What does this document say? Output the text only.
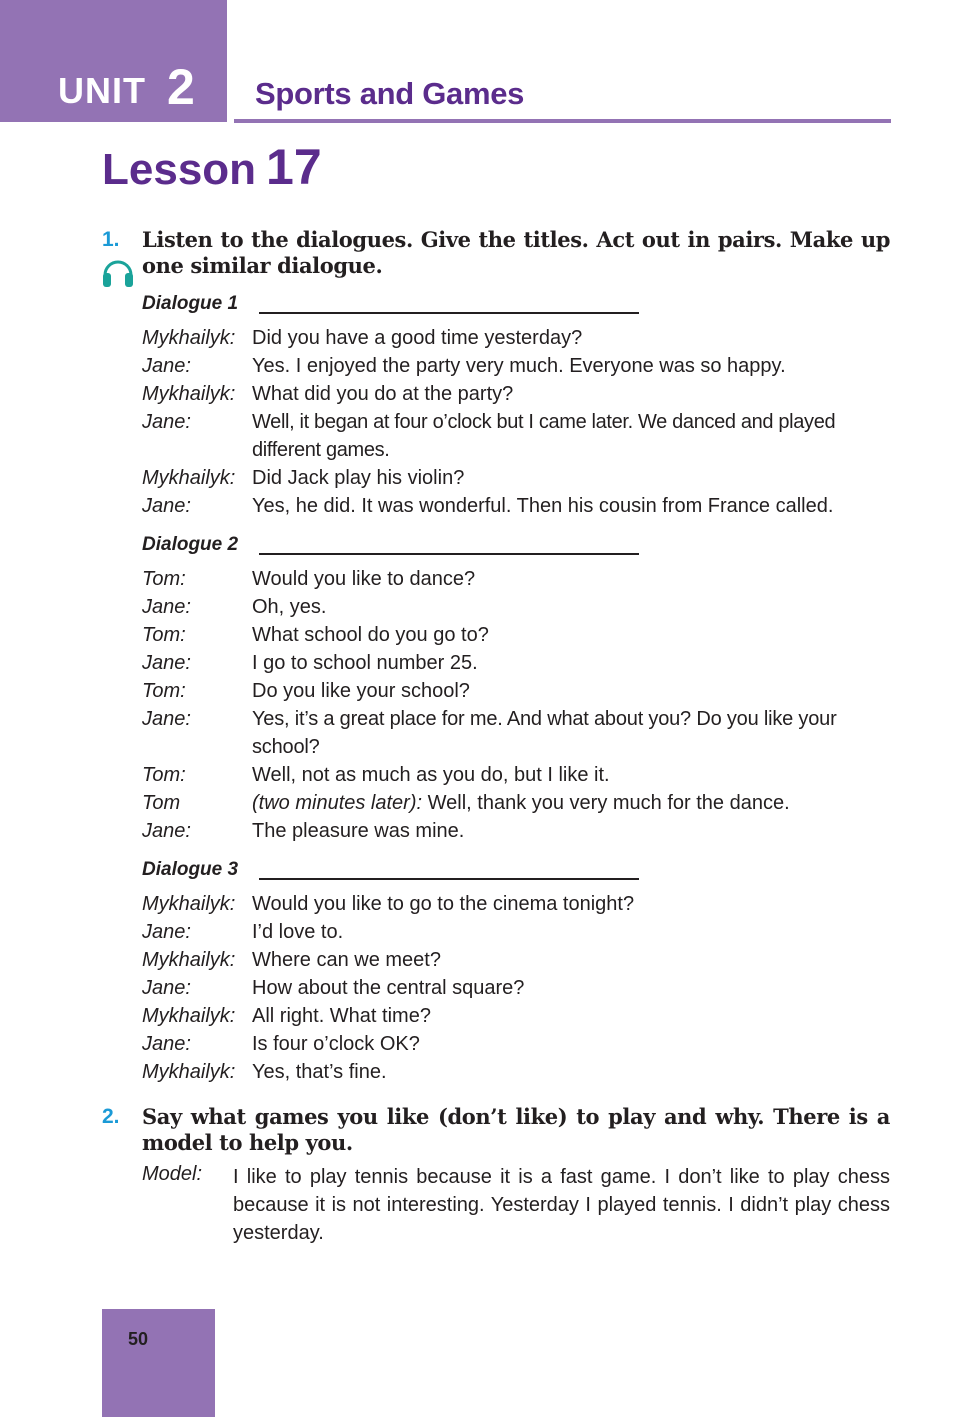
UNIT 2 Sports and Games
Lesson 17
1. Listen to the dialogues. Give the titles. Act out in pairs. Make up one similar dialogue.
Dialogue 1
Mykhailyk: Did you have a good time yesterday?
Jane:	Yes. I enjoyed the party very much. Everyone was so happy.
Mykhailyk: What did you do at the party?
Jane:	Well, it began at four o’clock but I came later. We danced and played different games.
Mykhailyk: Did Jack play his violin?
Jane:	Yes, he did. It was wonderful. Then his cousin from France called.
Dialogue 2
Tom:	Would you like to dance?
Jane:	Oh, yes.
Tom:	What school do you go to?
Jane:	I go to school number 25.
Tom:	Do you like your school?
Jane:	Yes, it’s a great place for me. And what about you? Do you like your school?
Tom:	Well, not as much as you do, but I like it.
Tom	(two minutes later): Well, thank you very much for the dance.
Jane:	The pleasure was mine.
Dialogue 3
Mykhailyk: Would you like to go to the cinema tonight?
Jane:	I’d love to.
Mykhailyk: Where can we meet?
Jane:	How about the central square?
Mykhailyk: All right. What time?
Jane:	Is four o’clock OK?
Mykhailyk: Yes, that’s fine.
2. Say what games you like (don’t like) to play and why. There is a model to help you.
Model: I like to play tennis because it is a fast game. I don’t like to play chess because it is not interesting. Yesterday I played tennis. I didn’t play chess yesterday.
50
